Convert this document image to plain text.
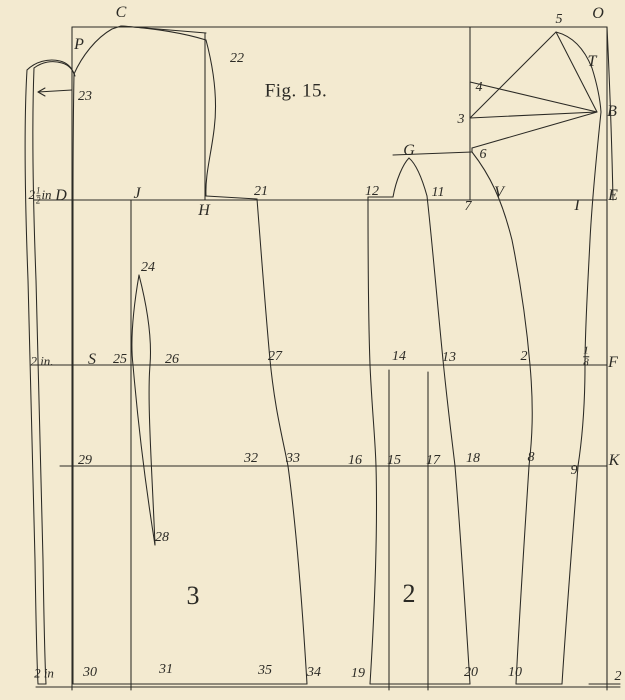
Fig. 15.
$2\frac{1}{2}$ in
2 in.
2 in
C
P
D	J
H
S
G
V	E
I
F
K
T
B
O
5
4
3
6
23
22
21	12	11
7
24
25	26	27	14	13	2
29	32 33	16 15 17 18	8
9
28
30	31	35	34 19	20 10	2
$\frac{1}{8}$
3	2
